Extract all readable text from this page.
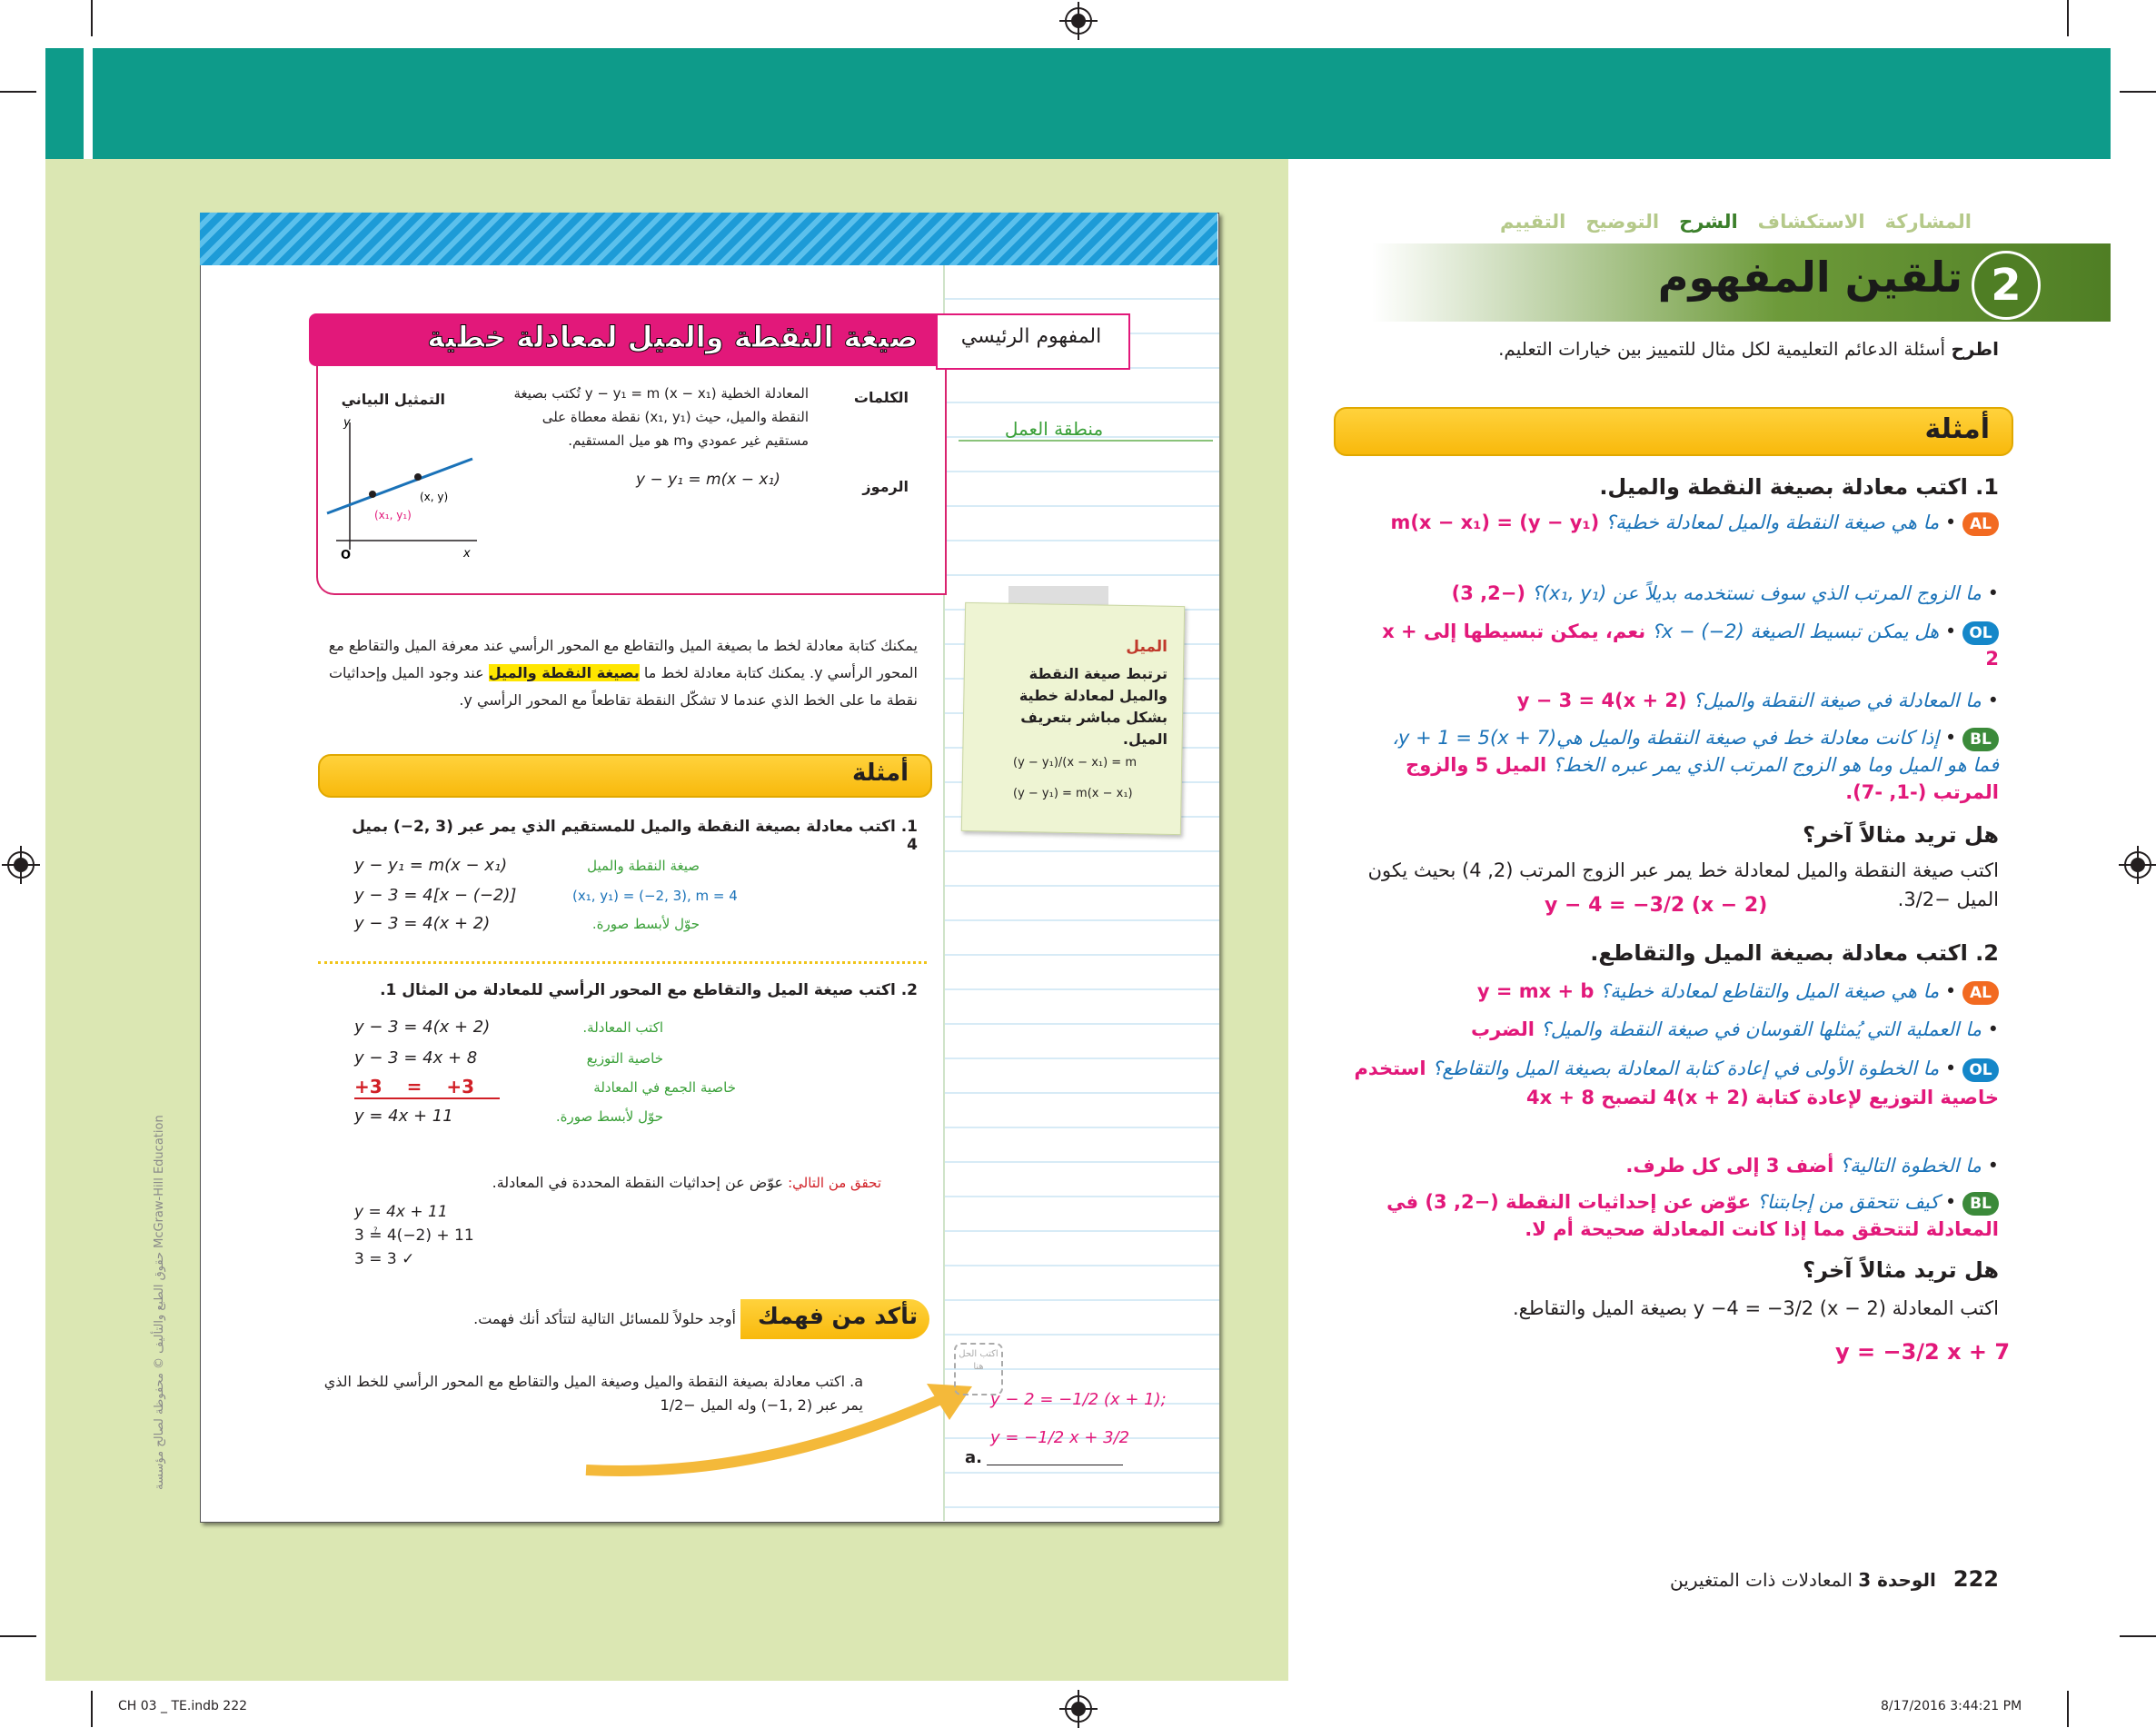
المشاركة   الاستكشاف   الشرح   التوضيح   التقييم
2
تلقين المفهوم
اطرح أسئلة الدعائم التعليمية لكل مثال للتمييز بين خيارات التعليم.
أمثلة
1. اكتب معادلة بصيغة النقطة والميل.
AL • ما هي صيغة النقطة والميل لمعادلة خطية؟ (y − y₁) = m(x − x₁)
• ما الزوج المرتب الذي سوف نستخدمه بديلاً عن (x₁, y₁)؟ (−2, 3)
OL • هل يمكن تبسيط الصيغة (x − (−2؟ نعم، يمكن تبسيطها إلى x + 2
• ما المعادلة في صيغة النقطة والميل؟ y − 3 = 4(x + 2)
BL • إذا كانت معادلة خط في صيغة النقطة والميل هي(y + 1 = 5(x + 7، فما هو الميل وما هو الزوج المرتب الذي يمر عبره الخط؟ الميل 5 والزوج المرتب (-1, -7).
هل تريد مثالاً آخر؟
اكتب صيغة النقطة والميل لمعادلة خط يمر عبر الزوج المرتب (2, 4) بحيث يكون الميل −3/2.
y − 4 = −3/2 (x − 2)
2. اكتب معادلة بصيغة الميل والتقاطع.
AL • ما هي صيغة الميل والتقاطع لمعادلة خطية؟ y = mx + b
• ما العملية التي يُمثلها القوسان في صيغة النقطة والميل؟ الضرب
OL • ما الخطوة الأولى في إعادة كتابة المعادلة بصيغة الميل والتقاطع؟ استخدم خاصية التوزيع لإعادة كتابة (x + 2)4 لتصبح 4x + 8
• ما الخطوة التالية؟ أضف 3 إلى كل طرف.
BL • كيف نتحقق من إجابتنا؟ عوّض عن إحداثيات النقطة (−2, 3) في المعادلة لتتحقق مما إذا كانت المعادلة صحيحة أم لا.
هل تريد مثالاً آخر؟
اكتب المعادلة y −4 = −3/2 (x − 2) بصيغة الميل والتقاطع.
y = −3/2 x + 7
222   الوحدة 3 المعادلات ذات المتغيرين
منطقة العمل
صيغة النقطة والميل لمعادلة خطية	المفهوم الرئيسي
الكلمات
المعادلة الخطية (y − y₁ = m (x − x₁ تُكتب بصيغة النقطة والميل، حيث (x₁, y₁) نقطة معطاة على مستقيم غير عمودي وm هو ميل المستقيم.
الرموز
y − y₁ = m(x − x₁)
التمثيل البياني
y
x
O
(x₁, y₁)
(x, y)
الميل
ترتبط صيغة النقطة والميل لمعادلة خطية بشكل مباشر بتعريف الميل.
(y − y₁)/(x − x₁) = m
(y − y₁) = m(x − x₁)
يمكنك كتابة معادلة لخط ما بصيغة الميل والتقاطع مع المحور الرأسي عند معرفة الميل والتقاطع مع المحور الرأسي y. يمكنك كتابة معادلة لخط ما بصيغة النقطة والميل عند وجود الميل وإحداثيات نقطة ما على الخط الذي عندما لا تشكّل النقطة تقاطعاً مع المحور الرأسي y.
أمثلة
1. اكتب معادلة بصيغة النقطة والميل للمستقيم الذي يمر عبر (3 ,2−) بميل 4
y − y₁ = m(x − x₁)	صيغة النقطة والميل
y − 3 = 4[x − (−2)]	(x₁, y₁) = (−2, 3), m = 4
y − 3 = 4(x + 2)	حوّل لأبسط صورة.
2. اكتب صيغة الميل والتقاطع مع المحور الرأسي للمعادلة من المثال 1.
y − 3 = 4(x + 2)	اكتب المعادلة.
y − 3 = 4x + 8	خاصية التوزيع
+3 = +3	خاصية الجمع في المعادلة
y = 4x + 11	حوّل لأبسط صورة.
تحقق من التالي: عوّض عن إحداثيات النقطة المحددة في المعادلة.
y = 4x + 11
3 ≟ 4(−2) + 11
3 = 3 ✓
تأكد من فهمك
أوجد حلولاً للمسائل التالية لتتأكد أنك فهمت.
a. اكتب معادلة بصيغة النقطة والميل وصيغة الميل والتقاطع مع المحور الرأسي للخط الذي يمر عبر (2 ,1−) وله الميل −1/2
اكتب الحل هنا
y − 2 = −1/2 (x + 1);
y = −1/2 x + 3/2
a.
حقوق الطبع والتأليف © محفوظة لصالح مؤسسة McGraw-Hill Education
CH 03 _ TE.indb 222	8/17/2016 3:44:21 PM
